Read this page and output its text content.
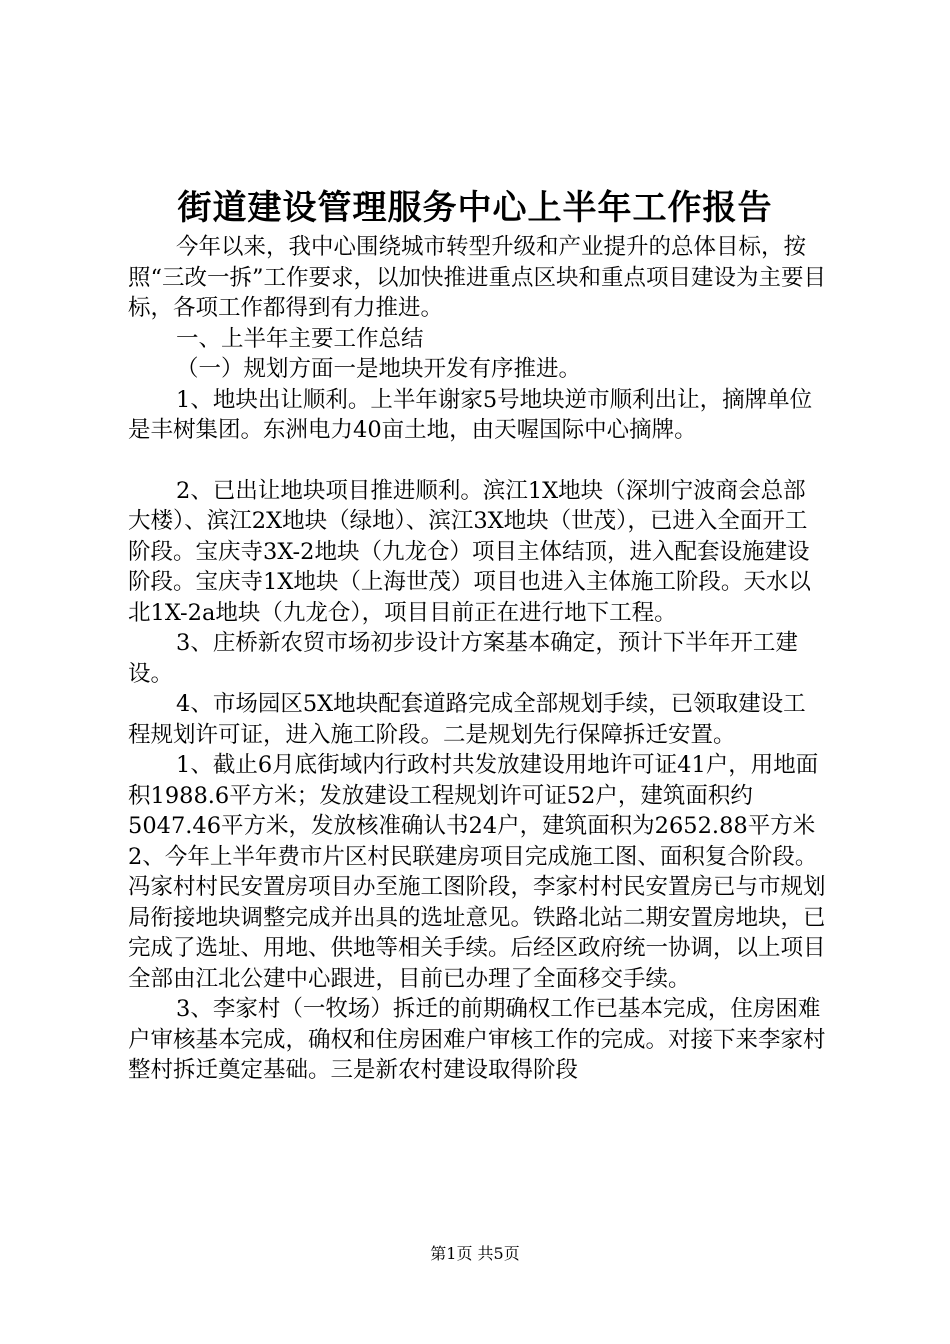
街道建设管理服务中心上半年工作报告

今年以来，我中心围绕城市转型升级和产业提升的总体目标，按照“三改一拆”工作要求，以加快推进重点区块和重点项目建设为主要目标，各项工作都得到有力推进。

一、上半年主要工作总结

（一）规划方面一是地块开发有序推进。

1、地块出让顺利。上半年谢家5号地块逆市顺利出让，摘牌单位是丰树集团。东洲电力40亩土地，由天喔国际中心摘牌。

2、已出让地块项目推进顺利。滨江1X地块（深圳宁波商会总部大楼）、滨江2X地块（绿地）、滨江3X地块（世茂），已进入全面开工阶段。宝庆寺3X-2地块（九龙仓）项目主体结顶，进入配套设施建设阶段。宝庆寺1X地块（上海世茂）项目也进入主体施工阶段。天水以北1X-2a地块（九龙仓），项目目前正在进行地下工程。

3、庄桥新农贸市场初步设计方案基本确定，预计下半年开工建设。

4、市场园区5X地块配套道路完成全部规划手续，已领取建设工程规划许可证，进入施工阶段。二是规划先行保障拆迁安置。

1、截止6月底街域内行政村共发放建设用地许可证41户，用地面积1988.6平方米；发放建设工程规划许可证52户，建筑面积约5047.46平方米，发放核准确认书24户，建筑面积为2652.88平方米2、今年上半年费市片区村民联建房项目完成施工图、面积复合阶段。冯家村村民安置房项目办至施工图阶段，李家村村民安置房已与市规划局衔接地块调整完成并出具的选址意见。铁路北站二期安置房地块，已完成了选址、用地、供地等相关手续。后经区政府统一协调，以上项目全部由江北公建中心跟进，目前已办理了全面移交手续。

3、李家村（一牧场）拆迁的前期确权工作已基本完成，住房困难户审核基本完成，确权和住房困难户审核工作的完成。对接下来李家村整村拆迁奠定基础。三是新农村建设取得阶段

第1页 共5页
